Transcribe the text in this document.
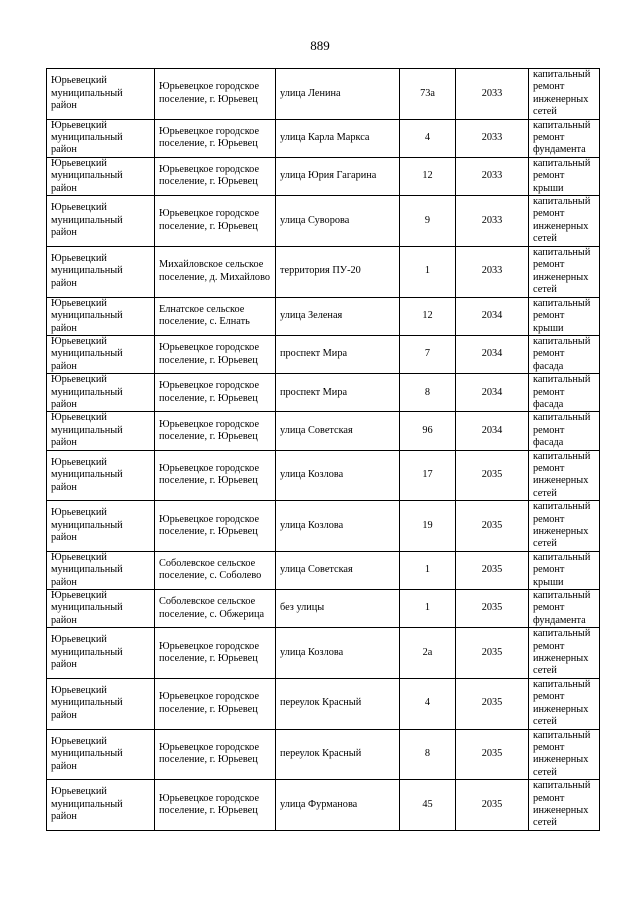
889
Юрьевецкий муниципальный район	Юрьевецкое городское поселение, г. Юрьевец	улица Ленина	73а	2033	капитальный ремонт инженерных сетей
Юрьевецкий муниципальный район	Юрьевецкое городское поселение, г. Юрьевец	улица Карла Маркса	4	2033	капитальный ремонт фундамента
Юрьевецкий муниципальный район	Юрьевецкое городское поселение, г. Юрьевец	улица Юрия Гагарина	12	2033	капитальный ремонт крыши
Юрьевецкий муниципальный район	Юрьевецкое городское поселение, г. Юрьевец	улица Суворова	9	2033	капитальный ремонт инженерных сетей
Юрьевецкий муниципальный район	Михайловское сельское поселение, д. Михайлово	территория ПУ-20	1	2033	капитальный ремонт инженерных сетей
Юрьевецкий муниципальный район	Елнатское сельское поселение, с. Елнать	улица Зеленая	12	2034	капитальный ремонт крыши
Юрьевецкий муниципальный район	Юрьевецкое городское поселение, г. Юрьевец	проспект Мира	7	2034	капитальный ремонт фасада
Юрьевецкий муниципальный район	Юрьевецкое городское поселение, г. Юрьевец	проспект Мира	8	2034	капитальный ремонт фасада
Юрьевецкий муниципальный район	Юрьевецкое городское поселение, г. Юрьевец	улица Советская	96	2034	капитальный ремонт фасада
Юрьевецкий муниципальный район	Юрьевецкое городское поселение, г. Юрьевец	улица Козлова	17	2035	капитальный ремонт инженерных сетей
Юрьевецкий муниципальный район	Юрьевецкое городское поселение, г. Юрьевец	улица Козлова	19	2035	капитальный ремонт инженерных сетей
Юрьевецкий муниципальный район	Соболевское сельское поселение, с. Соболево	улица Советская	1	2035	капитальный ремонт крыши
Юрьевецкий муниципальный район	Соболевское сельское поселение, с. Обжерица	без улицы	1	2035	капитальный ремонт фундамента
Юрьевецкий муниципальный район	Юрьевецкое городское поселение, г. Юрьевец	улица Козлова	2а	2035	капитальный ремонт инженерных сетей
Юрьевецкий муниципальный район	Юрьевецкое городское поселение, г. Юрьевец	переулок Красный	4	2035	капитальный ремонт инженерных сетей
Юрьевецкий муниципальный район	Юрьевецкое городское поселение, г. Юрьевец	переулок Красный	8	2035	капитальный ремонт инженерных сетей
Юрьевецкий муниципальный район	Юрьевецкое городское поселение, г. Юрьевец	улица Фурманова	45	2035	капитальный ремонт инженерных сетей
